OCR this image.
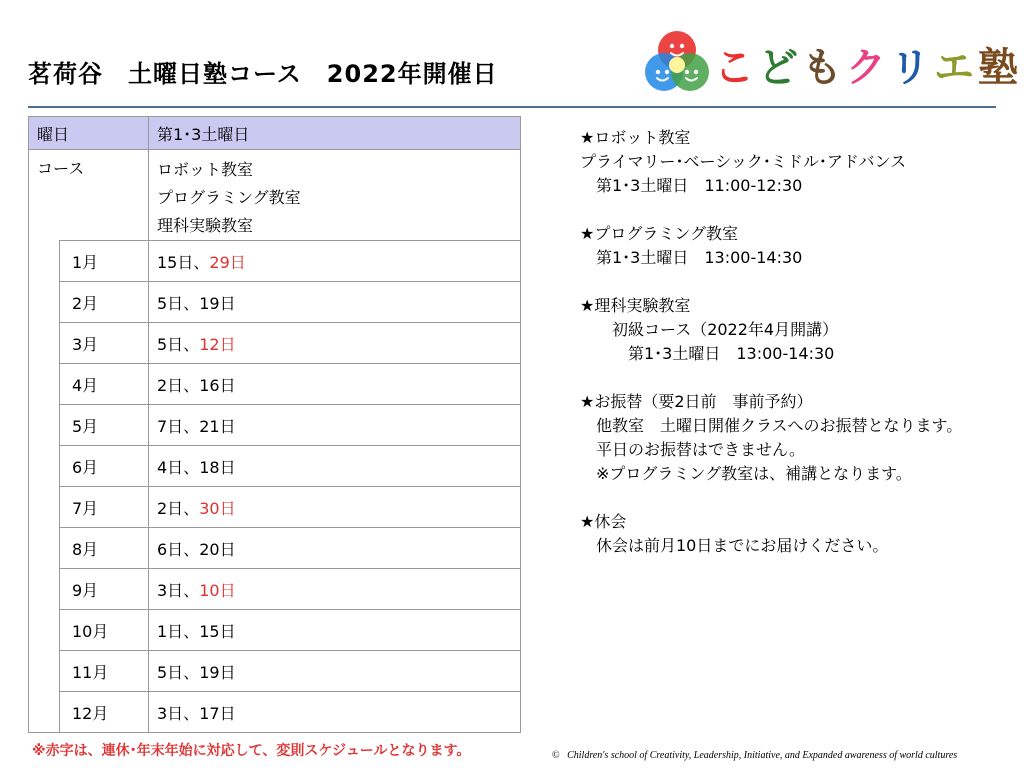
茗荷谷　土曜日塾コース　2022年開催日	こどもクリエ塾
曜日		第1･3土曜日
コース		ロボット教室
プログラミング教室
理科実験教室

	1月	15日、29日
	2月	5日、19日
	3月	5日、12日
	4月	2日、16日
	5月	7日、21日
	6月	4日、18日
	7月	2日、30日
	8月	6日、20日
	9月	3日、10日
	10月	1日、15日
	11月	5日、19日
	12月	3日、17日
※赤字は、連休･年末年始に対応して、変則スケジュールとなります。	© Children's school of Creativity, Leadership, Initiative, and Expanded awareness of world cultures
★ロボット教室
プライマリー･ベーシック･ミドル･アドバンス
　第1･3土曜日　11:00-12:30
★プログラミング教室
　第1･3土曜日　13:00-14:30
★理科実験教室
　　初級コース（2022年4月開講）
　　　第1･3土曜日　13:00-14:30
★お振替（要2日前　事前予約）
　他教室　土曜日開催クラスへのお振替となります。
　平日のお振替はできません。
　※プログラミング教室は、補講となります。
★休会
　休会は前月10日までにお届けください。
